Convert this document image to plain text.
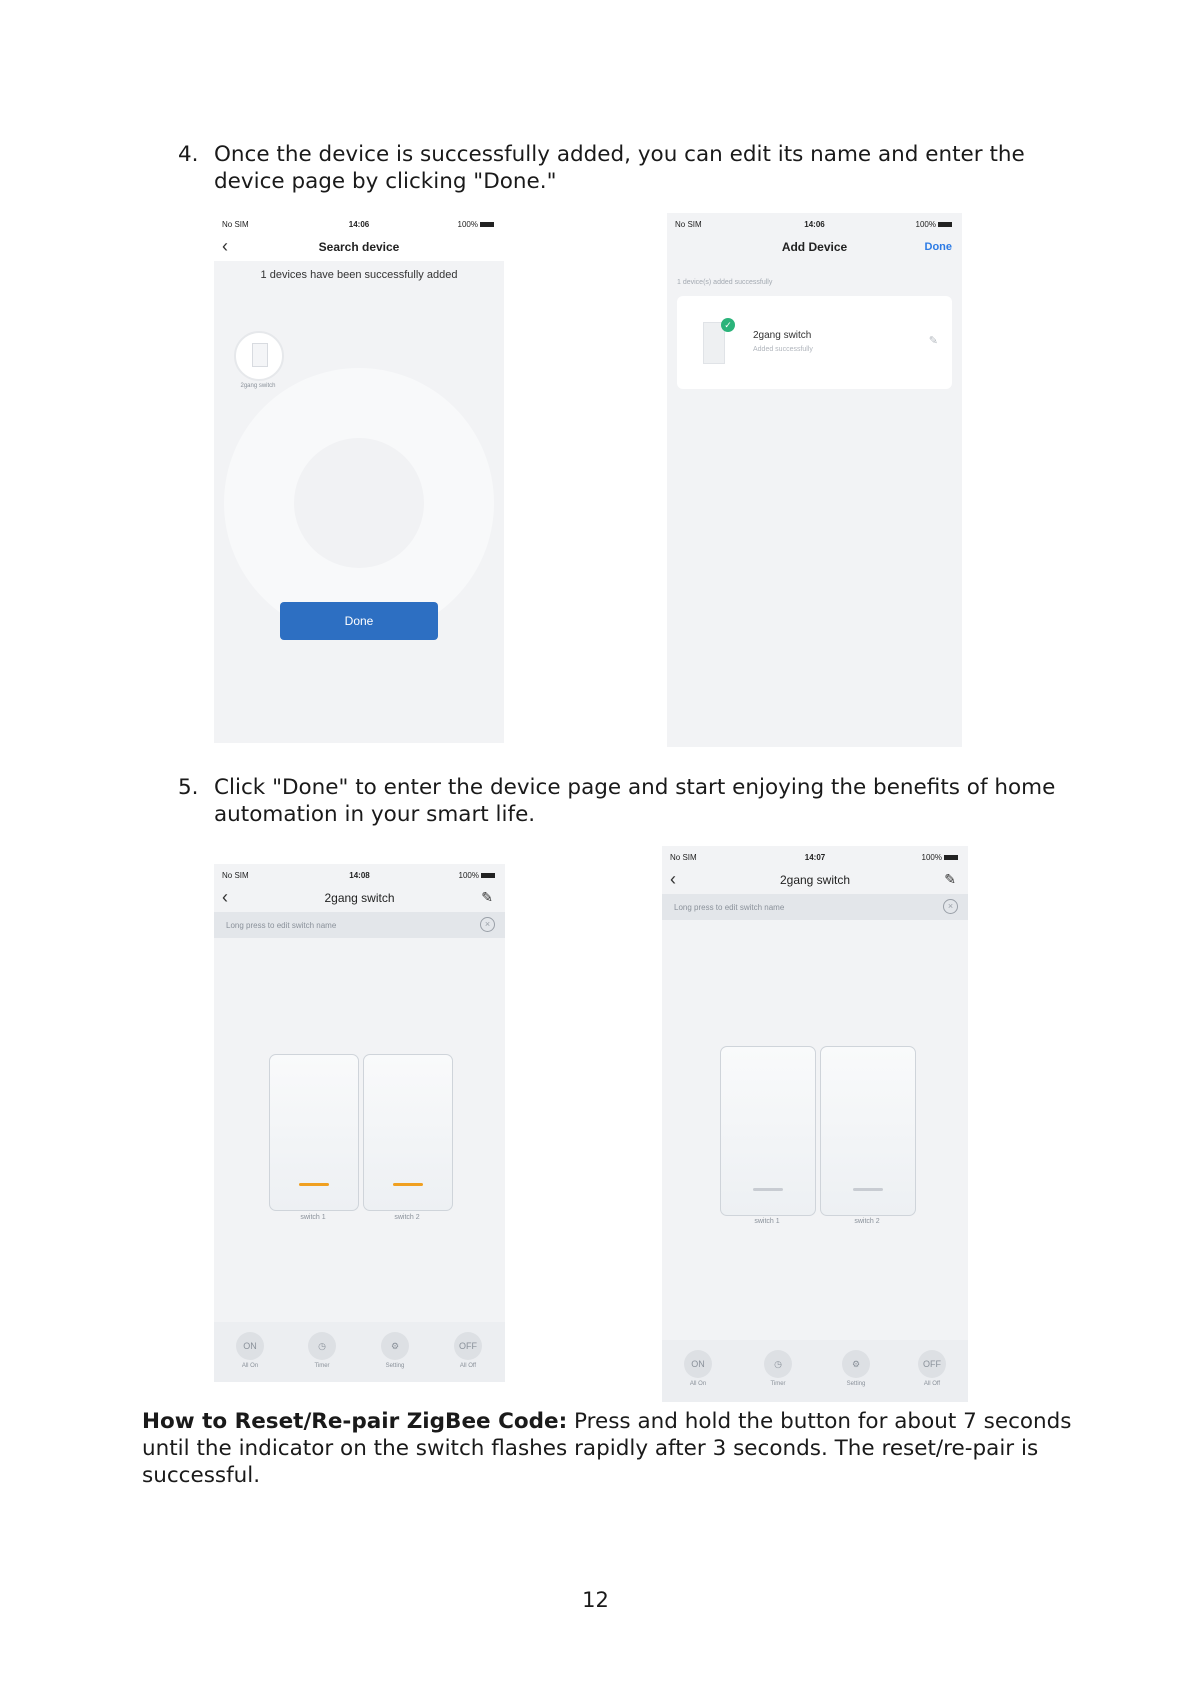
4. Once the device is successfully added, you can edit its name and enter the device page by clicking "Done."
No SIM	14:06	100%
‹	Search device
1 devices have been successfully added
2gang switch
Done
No SIM	14:06	100%
Add Device	Done
1 device(s) added successfully
✓
2gang switch
Added successfully
✎
5. Click "Done" to enter the device page and start enjoying the benefits of home automation in your smart life.
No SIM	14:08	100%
‹	2gang switch	✎
Long press to edit switch name	×
switch 1	switch 2
ON
All On
◷
Timer
⚙
Setting
OFF
All Off
No SIM	14:07	100%
‹	2gang switch	✎
Long press to edit switch name	×
switch 1	switch 2
ON
All On
◷
Timer
⚙
Setting
OFF
All Off
How to Reset/Re-pair ZigBee Code: Press and hold the button for about 7 seconds until the indicator on the switch flashes rapidly after 3 seconds. The reset/re-pair is successful.
12
